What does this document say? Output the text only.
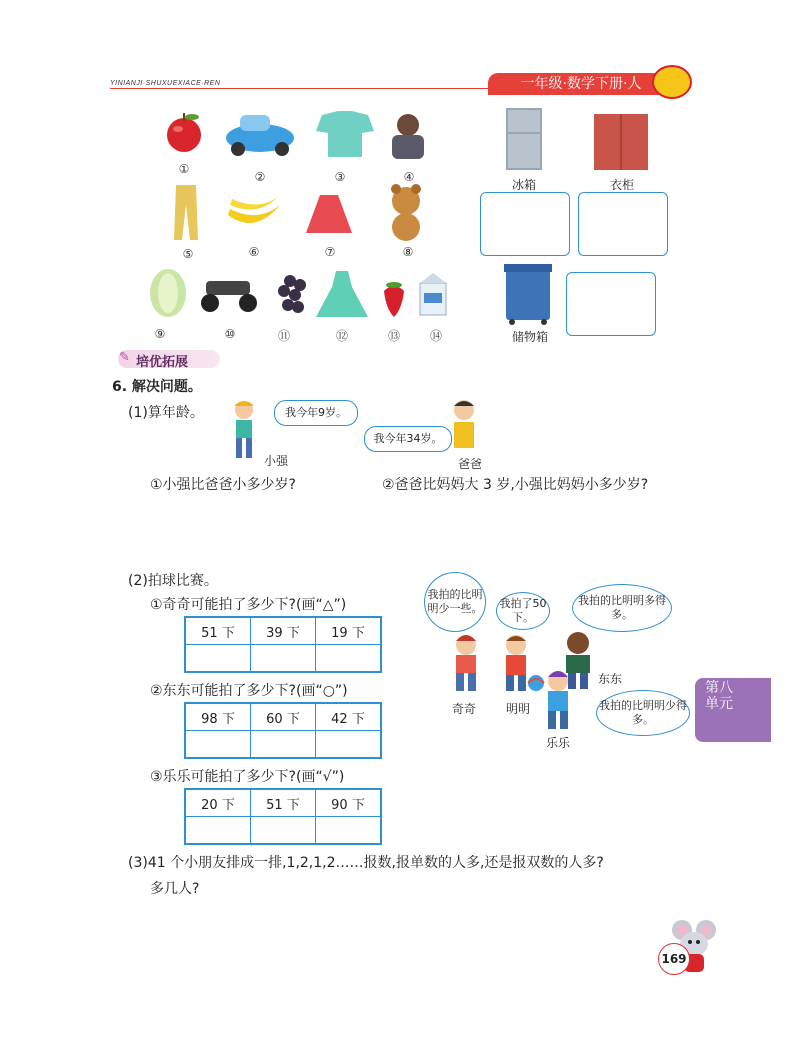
YINIANJI·SHUXUEXIACE·REN	一年级·数学下册·人
①
②	③	④
⑤	⑥	⑦	⑧
⑨	⑩	⑪	⑫	⑬	⑭
冰箱	衣柜
储物箱
✎ 培优拓展
6. 解决问题。
(1)算年龄。	我今年9岁。
我今年34岁。
小强	爸爸
①小强比爸爸小多少岁?	②爸爸比妈妈大 3 岁,小强比妈妈小多少岁?
(2)拍球比赛。
①奇奇可能拍了多少下?(画“△”)
51 下	39 下	19 下

②东东可能拍了多少下?(画“○”)
98 下	60 下	42 下

③乐乐可能拍了多少下?(画“√”)
20 下	51 下	90 下

我拍的比明明少一些。	我拍了50下。
我拍的比明明多得多。
我拍的比明明少得多。
奇奇 明明
东东
乐乐
(3)41 个小朋友排成一排,1,2,1,2……报数,报单数的人多,还是报双数的人多?
多几人?
第八单元
169
